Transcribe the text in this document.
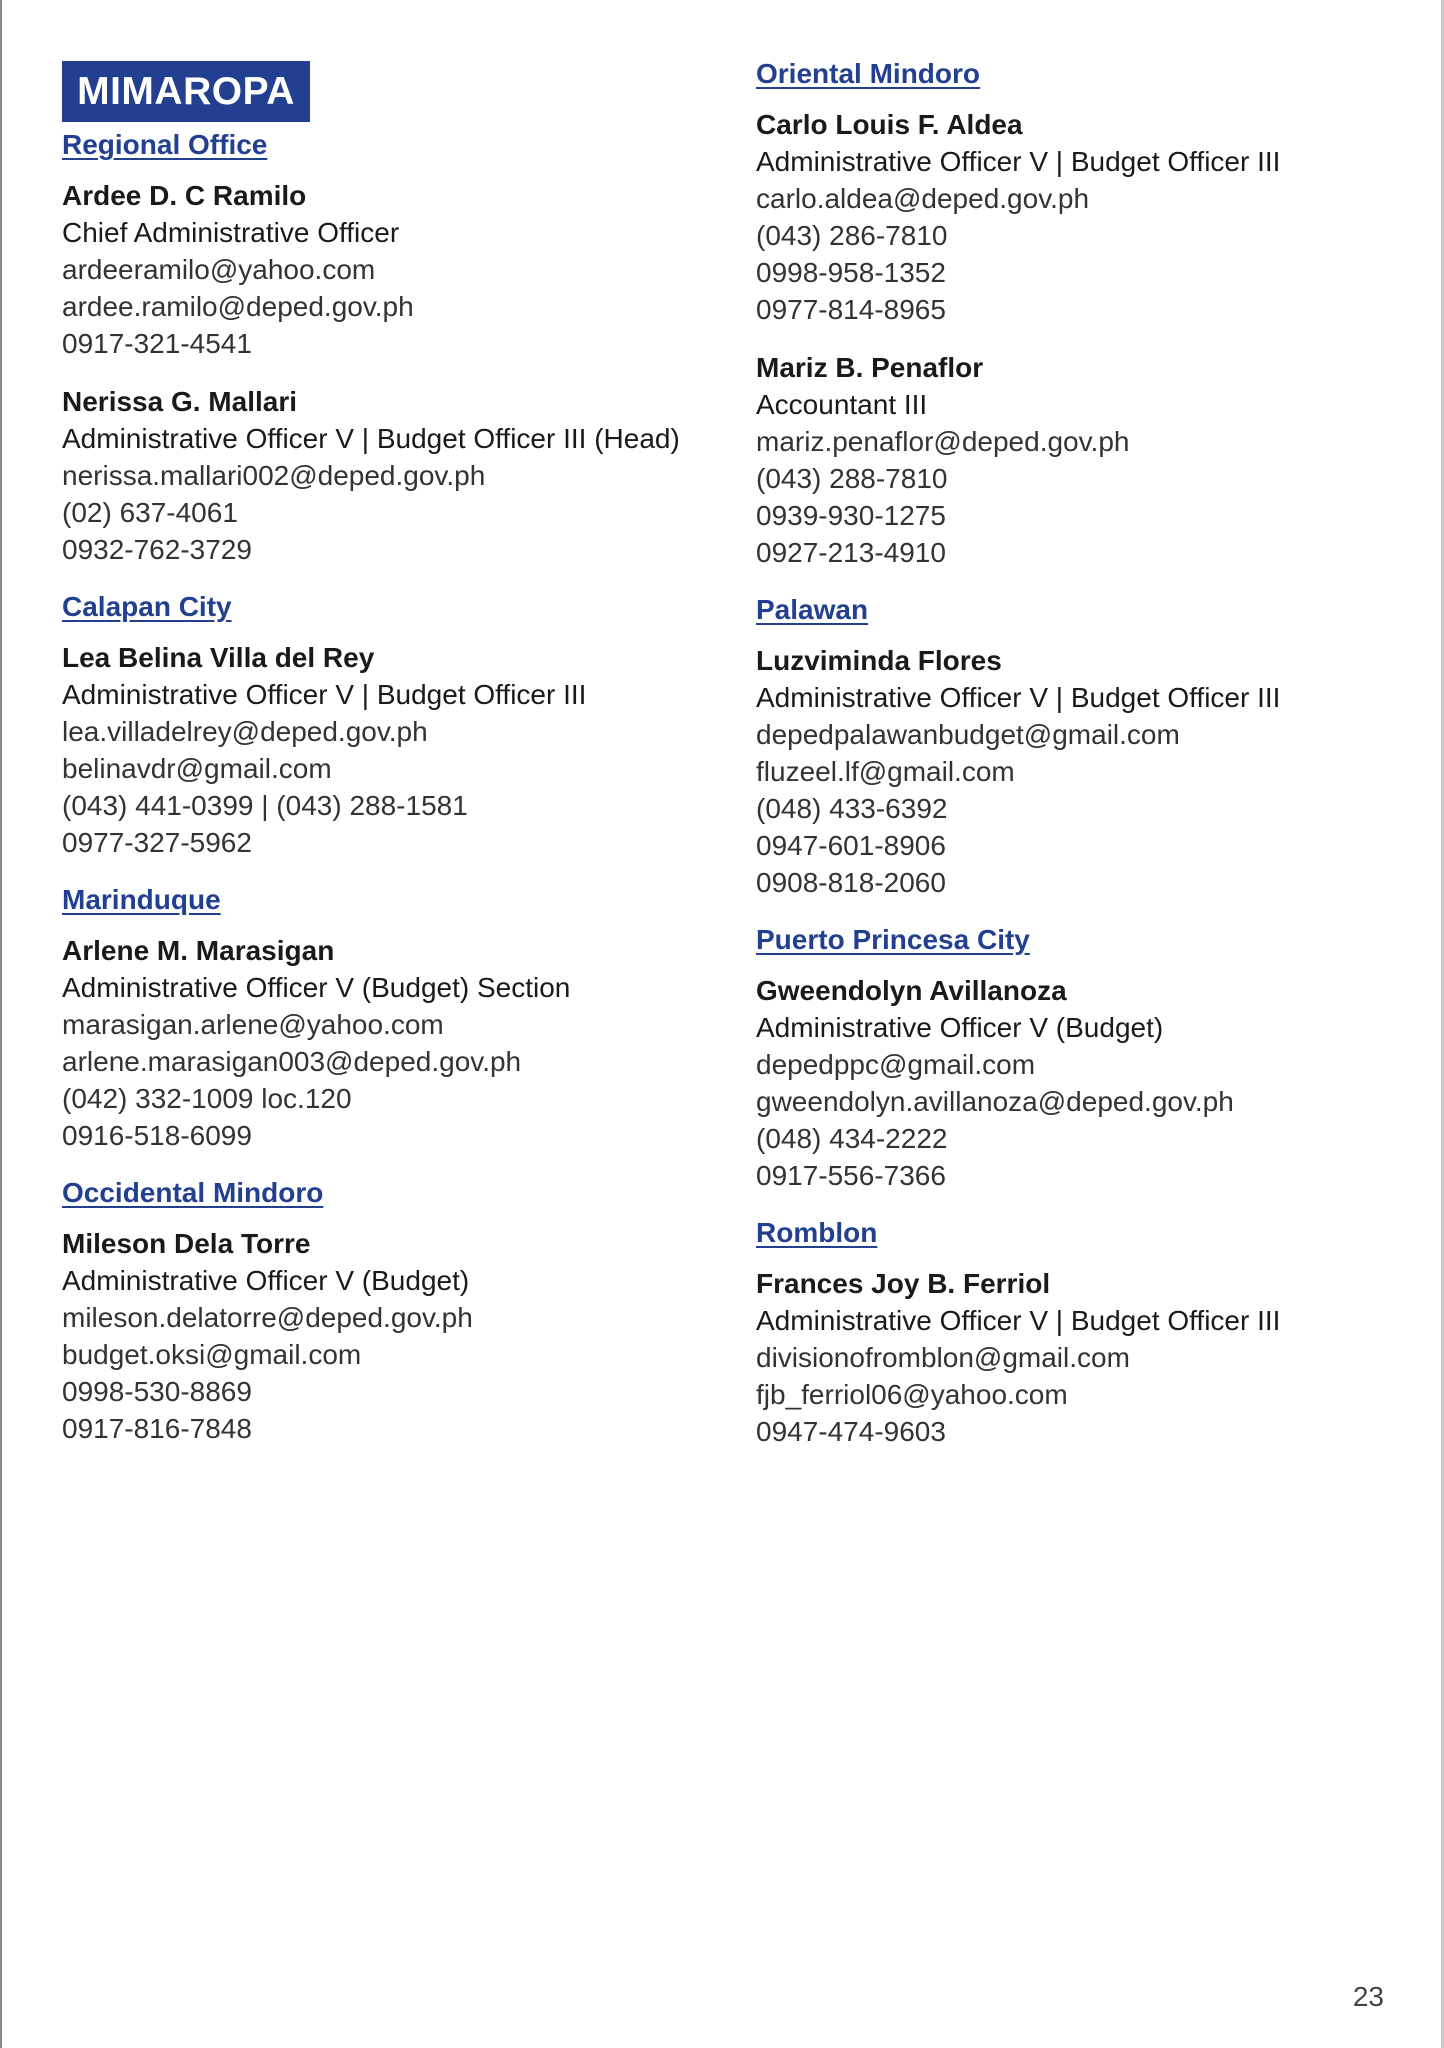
MIMAROPA
Regional Office
Ardee D. C Ramilo
Chief Administrative Officer
ardeeramilo@yahoo.com
ardee.ramilo@deped.gov.ph
0917-321-4541
Nerissa G. Mallari
Administrative Officer V | Budget Officer III (Head)
nerissa.mallari002@deped.gov.ph
(02) 637-4061
0932-762-3729
Calapan City
Lea Belina Villa del Rey
Administrative Officer V | Budget Officer III
lea.villadelrey@deped.gov.ph
belinavdr@gmail.com
(043) 441-0399 | (043) 288-1581
0977-327-5962
Marinduque
Arlene M. Marasigan
Administrative Officer V (Budget) Section
marasigan.arlene@yahoo.com
arlene.marasigan003@deped.gov.ph
(042) 332-1009 loc.120
0916-518-6099
Occidental Mindoro
Mileson Dela Torre
Administrative Officer V (Budget)
mileson.delatorre@deped.gov.ph
budget.oksi@gmail.com
0998-530-8869
0917-816-7848
Oriental Mindoro
Carlo Louis F. Aldea
Administrative Officer V | Budget Officer III
carlo.aldea@deped.gov.ph
(043) 286-7810
0998-958-1352
0977-814-8965
Mariz B. Penaflor
Accountant III
mariz.penaflor@deped.gov.ph
(043) 288-7810
0939-930-1275
0927-213-4910
Palawan
Luzviminda Flores
Administrative Officer V | Budget Officer III
depedpalawanbudget@gmail.com
fluzeel.lf@gmail.com
(048) 433-6392
0947-601-8906
0908-818-2060
Puerto Princesa City
Gweendolyn Avillanoza
Administrative Officer V (Budget)
depedppc@gmail.com
gweendolyn.avillanoza@deped.gov.ph
(048) 434-2222
0917-556-7366
Romblon
Frances Joy B. Ferriol
Administrative Officer V | Budget Officer III
divisionofromblon@gmail.com
fjb_ferriol06@yahoo.com
0947-474-9603
23
